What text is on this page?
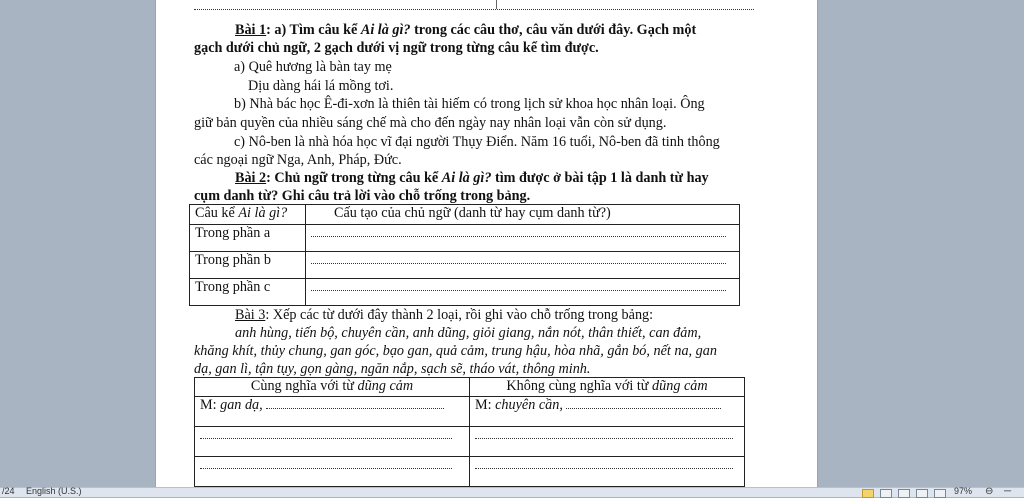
Bài 1: a) Tìm câu kể Ai là gì? trong các câu thơ, câu văn dưới đây. Gạch một
gạch dưới chủ ngữ, 2 gạch dưới vị ngữ trong từng câu kể tìm được.
a) Quê hương là bàn tay mẹ
Dịu dàng hái lá mồng tơi.
b) Nhà bác học Ê-đi-xơn là thiên tài hiếm có trong lịch sử khoa học nhân loại. Ông
giữ bản quyền của nhiều sáng chế mà cho đến ngày nay nhân loại vẫn còn sử dụng.
c) Nô-ben là nhà hóa học vĩ đại người Thụy Điển. Năm 16 tuổi, Nô-ben đã tinh thông
các ngoại ngữ Nga, Anh, Pháp, Đức.
Bài 2: Chủ ngữ trong từng câu kể Ai là gì? tìm được ở bài tập 1 là danh từ hay
cụm danh từ? Ghi câu trả lời vào chỗ trống trong bảng.
Câu kể Ai là gì?	Cấu tạo của chủ ngữ (danh từ hay cụm danh từ?)
Trong phần a	
Trong phần b	
Trong phần c	
Bài 3: Xếp các từ dưới đây thành 2 loại, rồi ghi vào chỗ trống trong bảng:
anh hùng, tiến bộ, chuyên cần, anh dũng, giỏi giang, nắn nót, thân thiết, can đảm,
khăng khít, thủy chung, gan góc, bạo gan, quả cảm, trung hậu, hòa nhã, gắn bó, nết na, gan
dạ, gan lì, tận tụy, gọn gàng, ngăn nắp, sạch sẽ, tháo vát, thông minh.
Cùng nghĩa với từ dũng cảm	Không cùng nghĩa với từ dũng cảm
M: gan dạ,	M: chuyên cần,

/24 English (U.S.)	97% ⊖ ─
